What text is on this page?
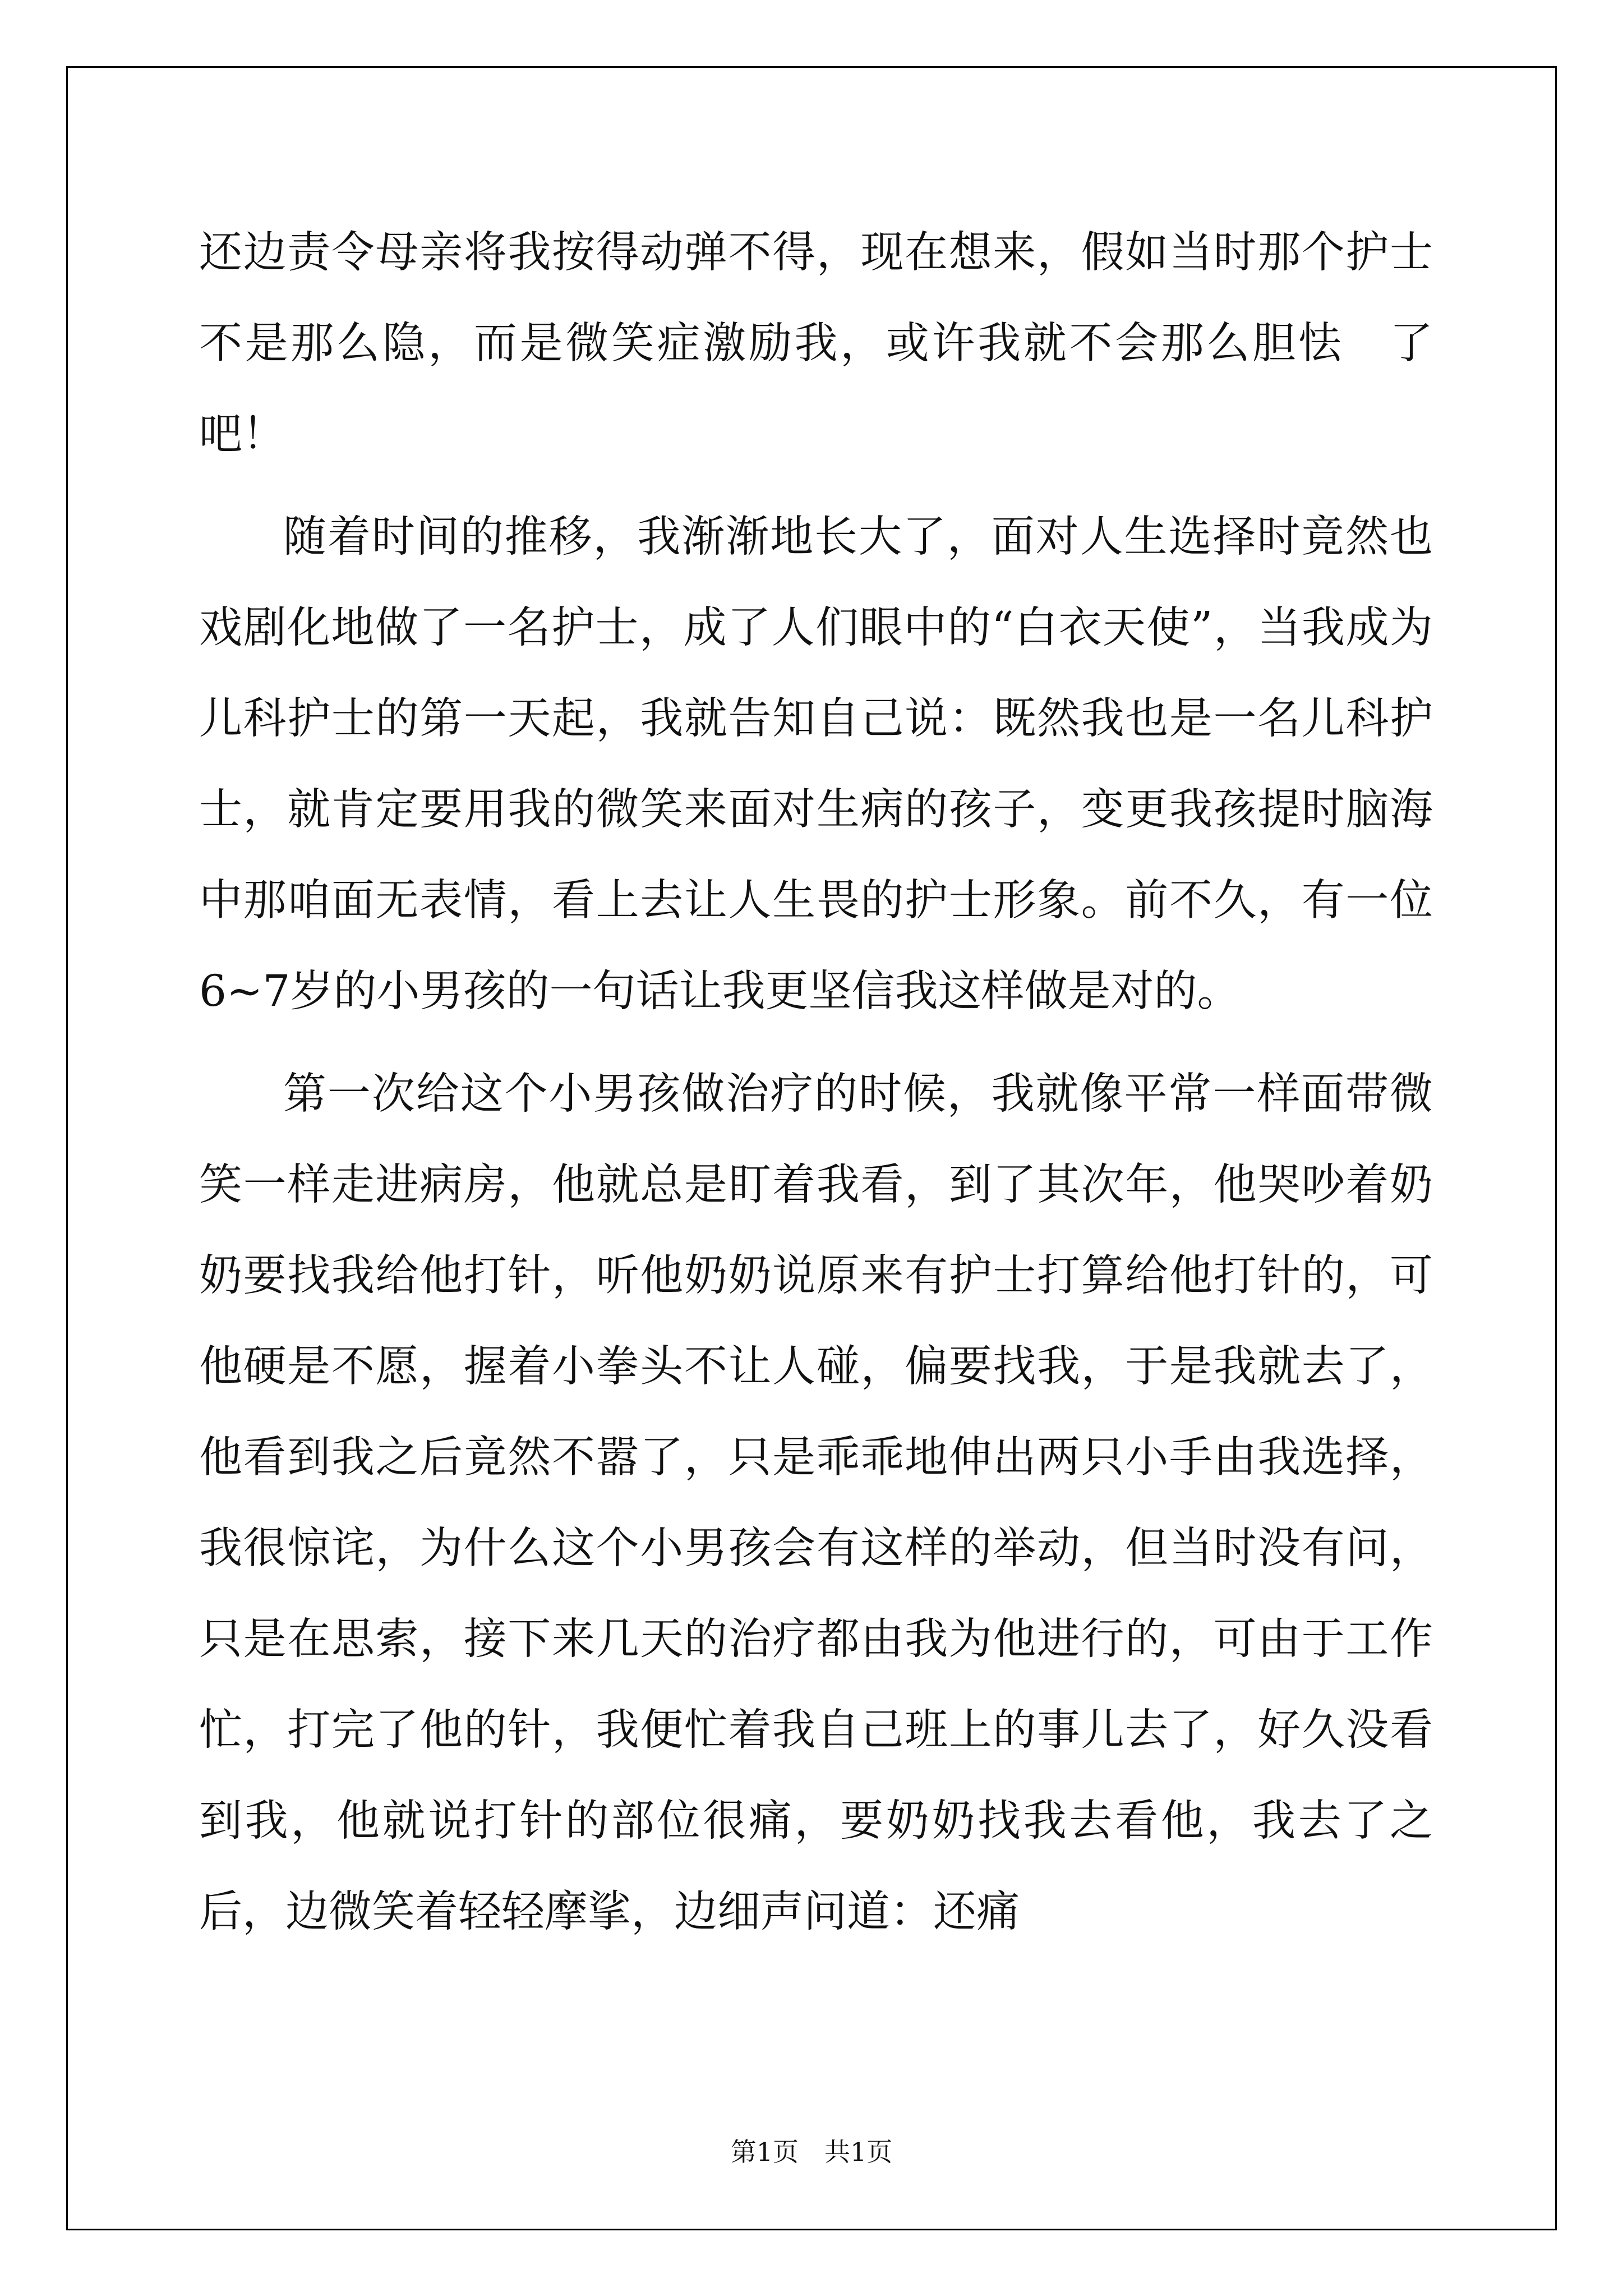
还边责令母亲将我按得动弹不得，现在想来，假如当时那个护士不是那么隐，而是微笑症激励我，或许我就不会那么胆怯　了吧！

随着时间的推移，我渐渐地长大了，面对人生选择时竟然也戏剧化地做了一名护士，成了人们眼中的“白衣天使”，当我成为儿科护士的第一天起，我就告知自己说：既然我也是一名儿科护士，就肯定要用我的微笑来面对生病的孩子，变更我孩提时脑海中那咱面无表情，看上去让人生畏的护士形象。前不久，有一位6~7岁的小男孩的一句话让我更坚信我这样做是对的。

第一次给这个小男孩做治疗的时候，我就像平常一样面带微笑一样走进病房，他就总是盯着我看，到了其次年，他哭吵着奶奶要找我给他打针，听他奶奶说原来有护士打算给他打针的，可他硬是不愿，握着小拳头不让人碰，偏要找我，于是我就去了，他看到我之后竟然不嚣了，只是乖乖地伸出两只小手由我选择，我很惊诧，为什么这个小男孩会有这样的举动，但当时没有问，只是在思索，接下来几天的治疗都由我为他进行的，可由于工作忙，打完了他的针，我便忙着我自己班上的事儿去了，好久没看到我，他就说打针的部位很痛，要奶奶找我去看他，我去了之后，边微笑着轻轻摩挲，边细声问道：还痛

第1页　共1页
